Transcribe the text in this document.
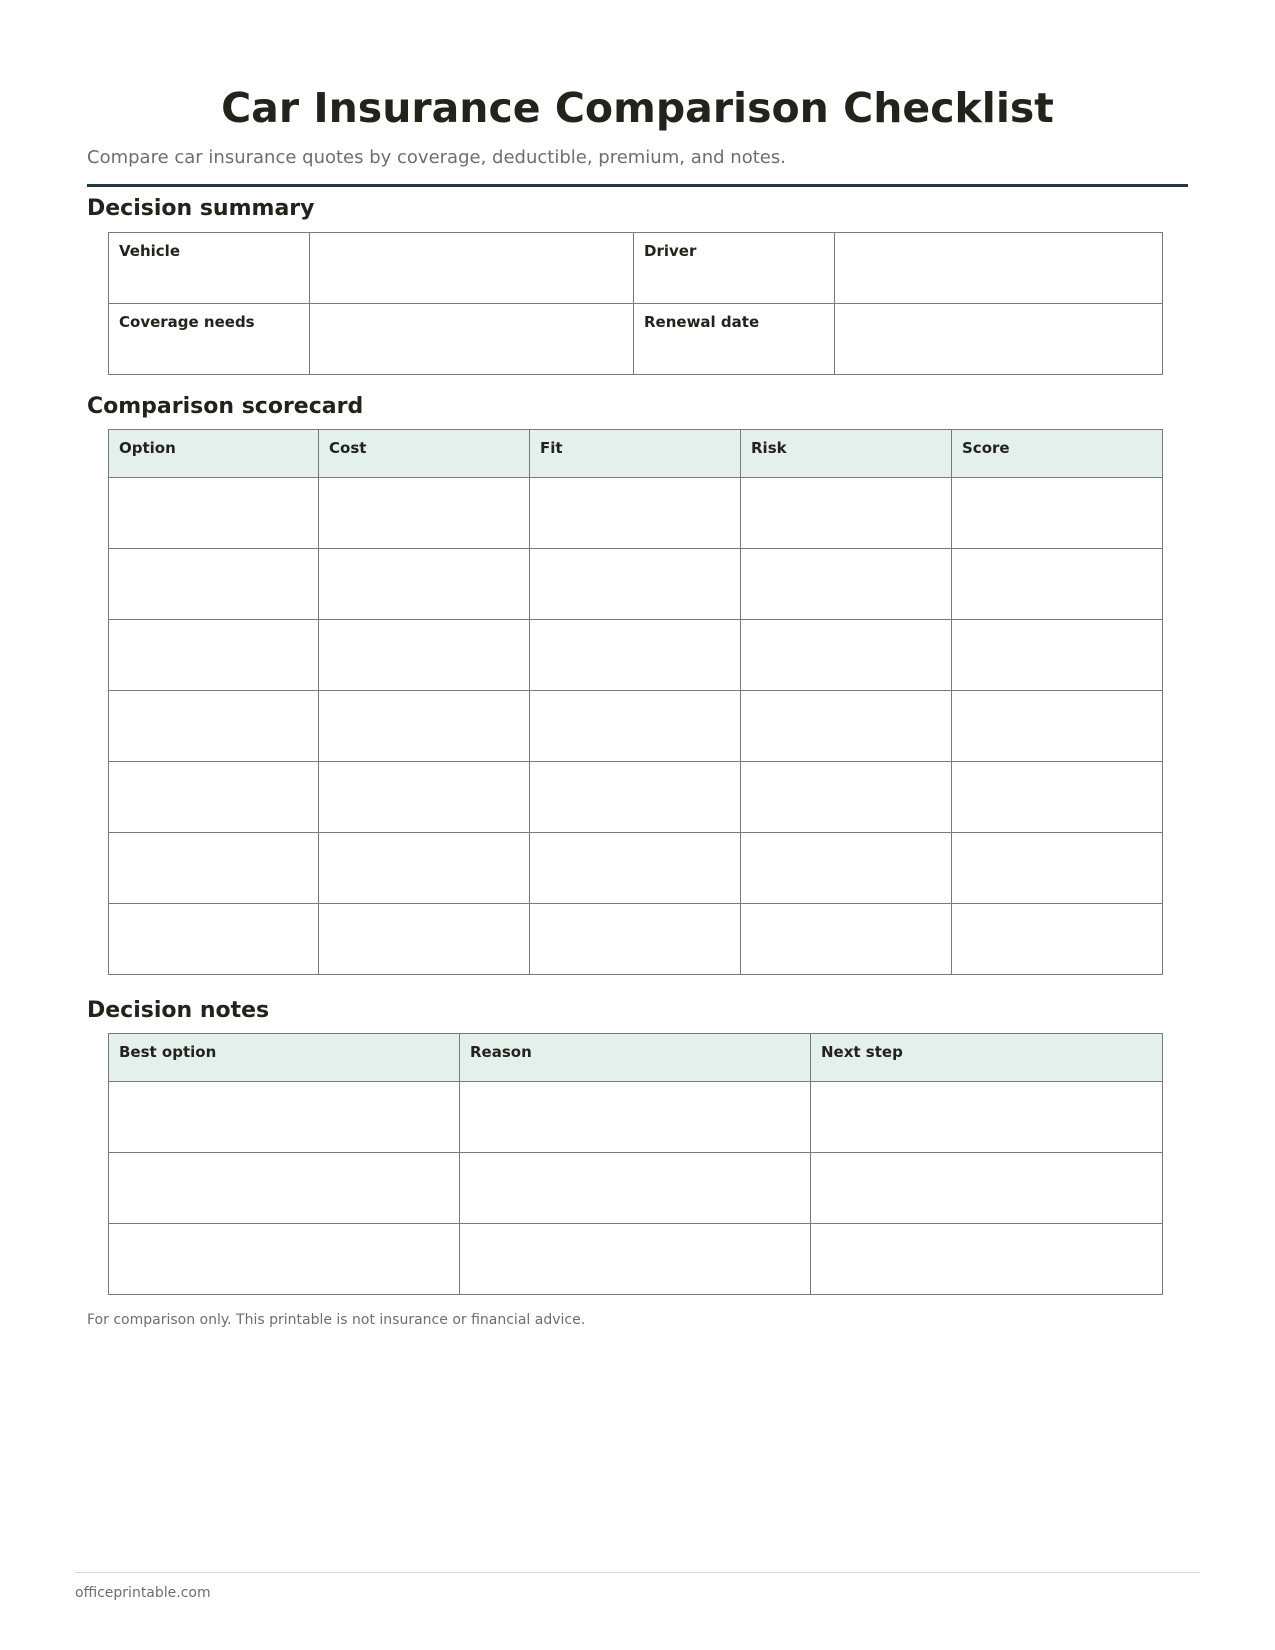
Car Insurance Comparison Checklist

Compare car insurance quotes by coverage, deductible, premium, and notes.

Decision summary
Vehicle		Driver	

Coverage needs		Renewal date	

Comparison scorecard
Option	Cost	Fit	Risk	Score

Decision notes
Best option	Reason	Next step

For comparison only. This printable is not insurance or financial advice.

officeprintable.com
